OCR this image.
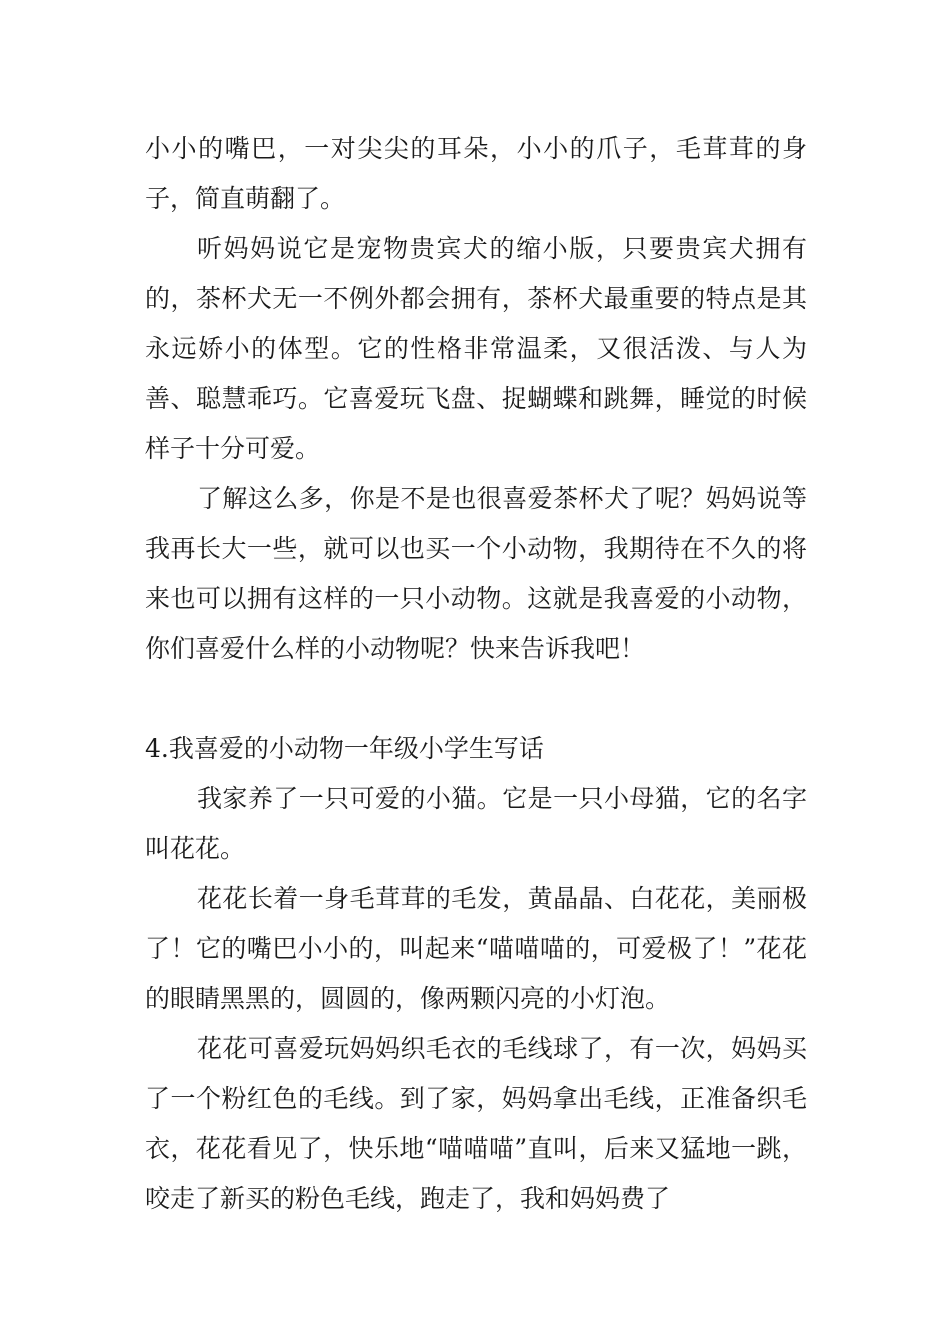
小小的嘴巴，一对尖尖的耳朵，小小的爪子，毛茸茸的身子，简直萌翻了。

听妈妈说它是宠物贵宾犬的缩小版，只要贵宾犬拥有的，茶杯犬无一不例外都会拥有，茶杯犬最重要的特点是其永远娇小的体型。它的性格非常温柔，又很活泼、与人为善、聪慧乖巧。它喜爱玩飞盘、捉蝴蝶和跳舞，睡觉的时候样子十分可爱。

了解这么多，你是不是也很喜爱茶杯犬了呢？妈妈说等我再长大一些，就可以也买一个小动物，我期待在不久的将来也可以拥有这样的一只小动物。这就是我喜爱的小动物，你们喜爱什么样的小动物呢？快来告诉我吧！

4.我喜爱的小动物一年级小学生写话

我家养了一只可爱的小猫。它是一只小母猫，它的名字叫花花。

花花长着一身毛茸茸的毛发，黄晶晶、白花花，美丽极了！它的嘴巴小小的，叫起来“喵喵喵的，可爱极了！”花花的眼睛黑黑的，圆圆的，像两颗闪亮的小灯泡。

花花可喜爱玩妈妈织毛衣的毛线球了，有一次，妈妈买了一个粉红色的毛线。到了家，妈妈拿出毛线，正准备织毛衣，花花看见了，快乐地“喵喵喵”直叫，后来又猛地一跳，咬走了新买的粉色毛线，跑走了，我和妈妈费了
